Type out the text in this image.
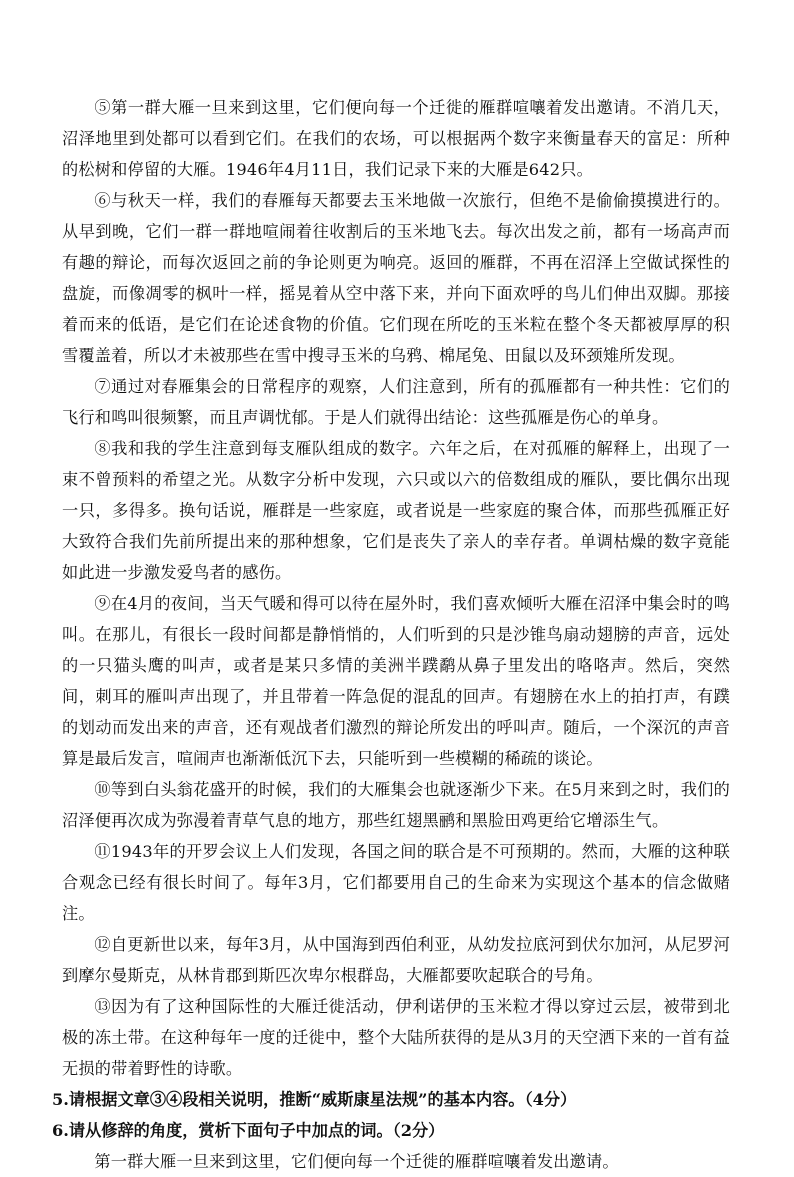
⑤第一群大雁一旦来到这里，它们便向每一个迁徙的雁群喧嚷着发出邀请。不消几天，沼泽地里到处都可以看到它们。在我们的农场，可以根据两个数字来衡量春天的富足：所种的松树和停留的大雁。1946年4月11日，我们记录下来的大雁是642只。

⑥与秋天一样，我们的春雁每天都要去玉米地做一次旅行，但绝不是偷偷摸摸进行的。从早到晚，它们一群一群地喧闹着往收割后的玉米地飞去。每次出发之前，都有一场高声而有趣的辩论，而每次返回之前的争论则更为响亮。返回的雁群，不再在沼泽上空做试探性的盘旋，而像凋零的枫叶一样，摇晃着从空中落下来，并向下面欢呼的鸟儿们伸出双脚。那接着而来的低语，是它们在论述食物的价值。它们现在所吃的玉米粒在整个冬天都被厚厚的积雪覆盖着，所以才未被那些在雪中搜寻玉米的乌鸦、棉尾兔、田鼠以及环颈雉所发现。

⑦通过对春雁集会的日常程序的观察，人们注意到，所有的孤雁都有一种共性：它们的飞行和鸣叫很频繁，而且声调忧郁。于是人们就得出结论：这些孤雁是伤心的单身。

⑧我和我的学生注意到每支雁队组成的数字。六年之后，在对孤雁的解释上，出现了一束不曾预料的希望之光。从数字分析中发现，六只或以六的倍数组成的雁队，要比偶尔出现一只，多得多。换句话说，雁群是一些家庭，或者说是一些家庭的聚合体，而那些孤雁正好大致符合我们先前所提出来的那种想象，它们是丧失了亲人的幸存者。单调枯燥的数字竟能如此进一步激发爱鸟者的感伤。

⑨在4月的夜间，当天气暖和得可以待在屋外时，我们喜欢倾听大雁在沼泽中集会时的鸣叫。在那儿，有很长一段时间都是静悄悄的，人们听到的只是沙锥鸟扇动翅膀的声音，远处的一只猫头鹰的叫声，或者是某只多情的美洲半蹼鹬从鼻子里发出的咯咯声。然后，突然间，刺耳的雁叫声出现了，并且带着一阵急促的混乱的回声。有翅膀在水上的拍打声，有蹼的划动而发出来的声音，还有观战者们激烈的辩论所发出的呼叫声。随后，一个深沉的声音算是最后发言，喧闹声也渐渐低沉下去，只能听到一些模糊的稀疏的谈论。

⑩等到白头翁花盛开的时候，我们的大雁集会也就逐渐少下来。在5月来到之时，我们的沼泽便再次成为弥漫着青草气息的地方，那些红翅黑鹂和黑脸田鸡更给它增添生气。

⑪1943年的开罗会议上人们发现，各国之间的联合是不可预期的。然而，大雁的这种联合观念已经有很长时间了。每年3月，它们都要用自己的生命来为实现这个基本的信念做赌注。

⑫自更新世以来，每年3月，从中国海到西伯利亚，从幼发拉底河到伏尔加河，从尼罗河到摩尔曼斯克，从林肯郡到斯匹次卑尔根群岛，大雁都要吹起联合的号角。

⑬因为有了这种国际性的大雁迁徙活动，伊利诺伊的玉米粒才得以穿过云层，被带到北极的冻土带。在这种每年一度的迁徙中，整个大陆所获得的是从3月的天空洒下来的一首有益无损的带着野性的诗歌。

5.请根据文章③④段相关说明，推断“威斯康星法规”的基本内容。（4分）

6.请从修辞的角度，赏析下面句子中加点的词。（2分）

第一群大雁一旦来到这里，它们便向每一个迁徙的雁群喧嚷着发出邀请。
